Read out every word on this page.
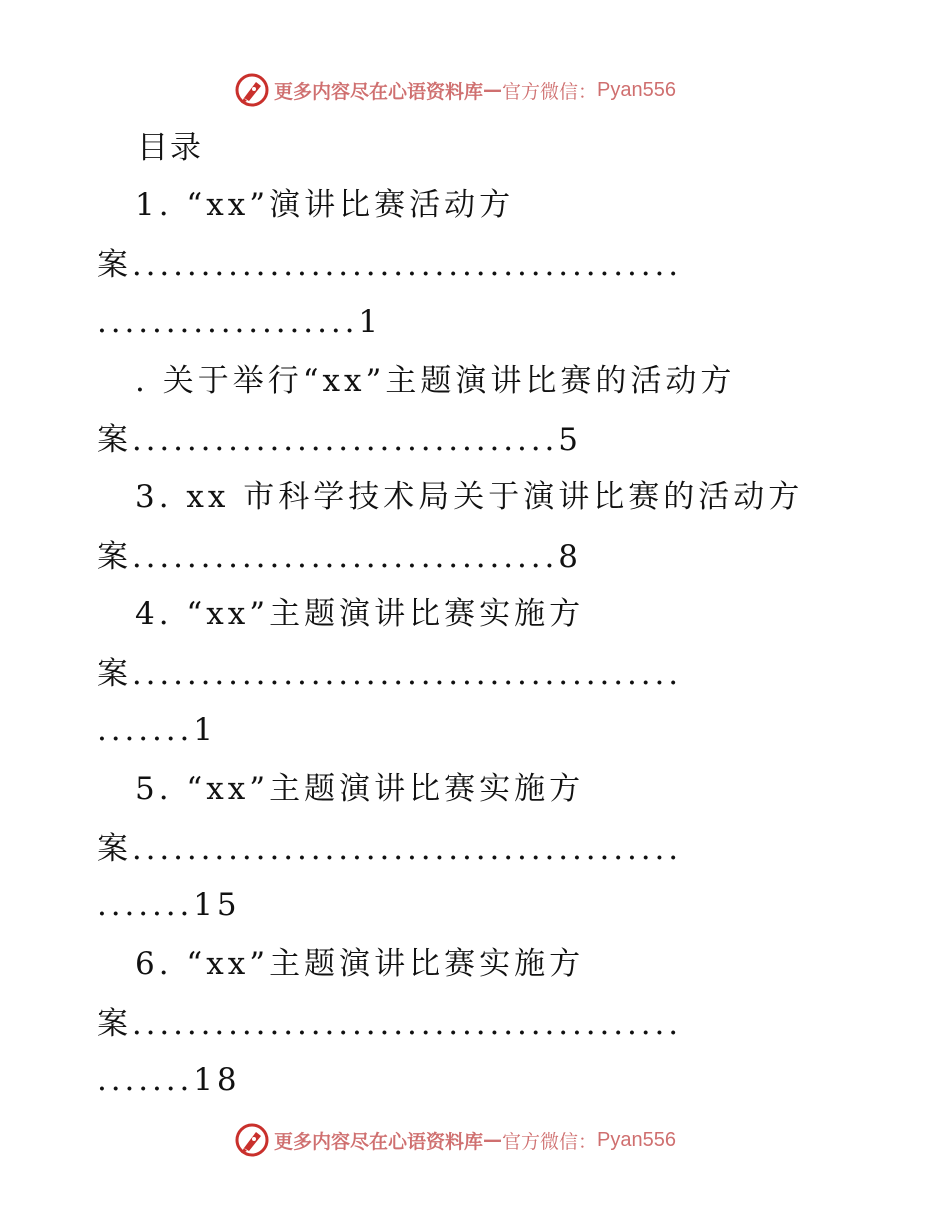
更多内容尽在心语资料库 — 官方微信： Pyan556
目录
1. “xx”演讲比赛活动方
案........................................
...................1
. 关于举行“xx”主题演讲比赛的活动方
案...............................5
3. xx 市科学技术局关于演讲比赛的活动方
案...............................8
4. “xx”主题演讲比赛实施方
案........................................
.......1
5. “xx”主题演讲比赛实施方
案........................................
.......15
6. “xx”主题演讲比赛实施方
案........................................
.......18
更多内容尽在心语资料库 — 官方微信： Pyan556
